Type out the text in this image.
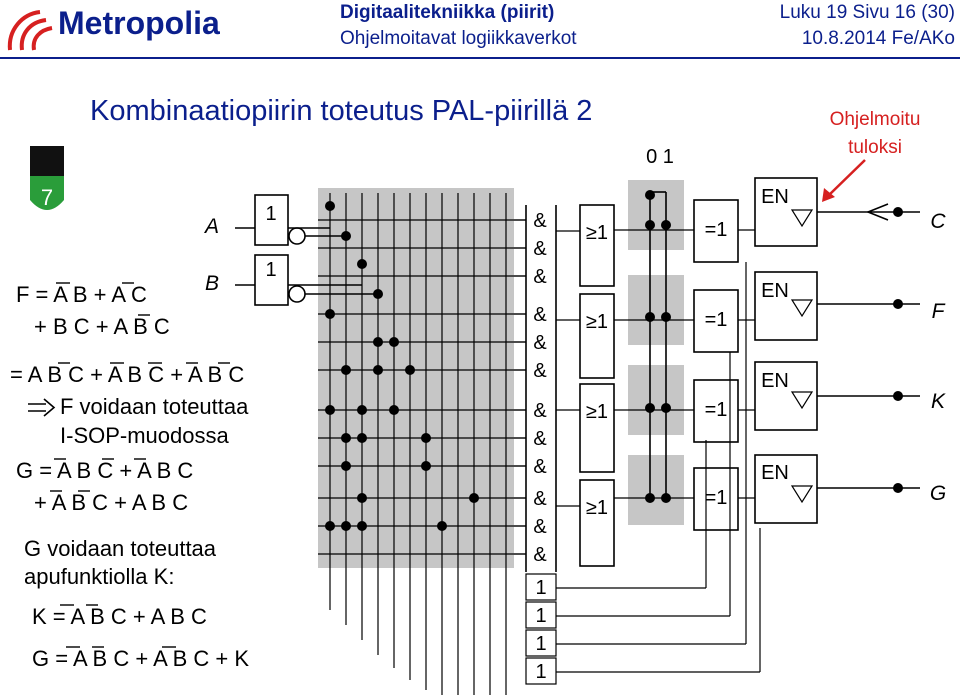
Metropolia	Digitaalitekniikka (piirit)
Ohjelmoitavat logiikkaverkot
Luku 19 Sivu 16 (30)
10.8.2014 Fe/AKo
Kombinaatiopiirin toteutus PAL-piirillä 2
7
Ohjelmoitu
tuloksi
0 1
F = A B + A C
+ B C + A B C
= A B C + A B C + A B C
F voidaan toteuttaa
I-SOP-muodossa
G = A B C + A B C
+ A B C + A B C
G voidaan toteuttaa
apufunktiolla K:
K = A B C + A B C
G = A B C + A B C + K
A
B
1
1
&
&
&
&
&
&
&
&
&
&
&
&
≥1
≥1
≥1
≥1
=1
=1
=1
=1
1
1
1
1
EN
EN
EN
EN
C
F
K
G
